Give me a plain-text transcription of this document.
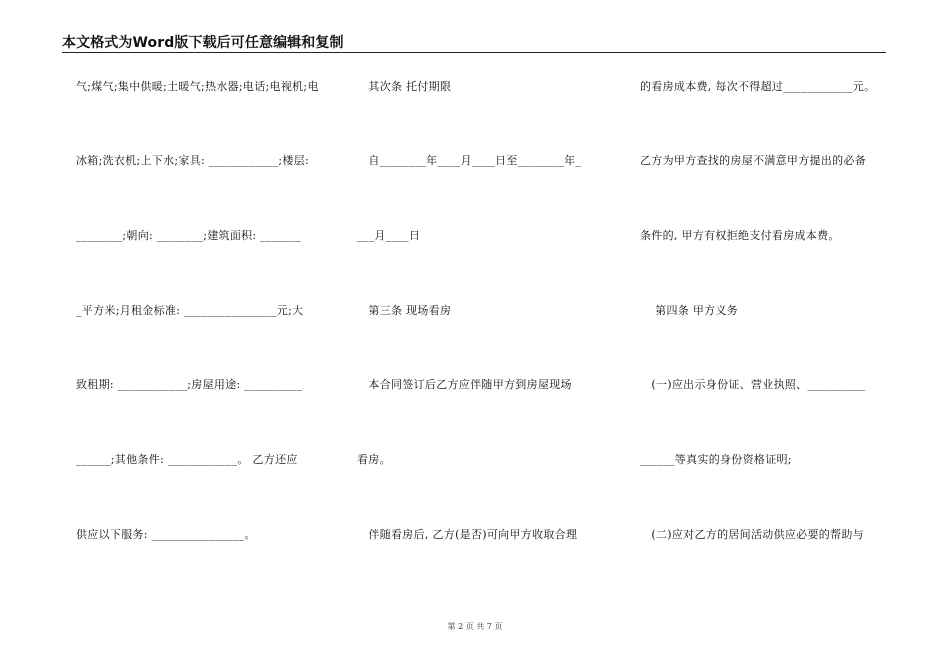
本文格式为Word版下载后可任意编辑和复制
气;煤气;集中供暖;土暖气;热水器;电话;电视机;电
冰箱;洗衣机;上下水;家具: ____________;楼层:
________;朝向: ________;建筑面积: _______
_平方米;月租金标准: ________________元;大
致租期: ____________;房屋用途: __________
______;其他条件: ____________。 乙方还应
供应以下服务: ________________。
其次条 托付期限
自________年____月____日至________年_
___月____日
第三条 现场看房
本合同签订后乙方应伴随甲方到房屋现场
看房。
伴随看房后, 乙方(是否)可向甲方收取合理
的看房成本费, 每次不得超过____________元。
乙方为甲方查找的房屋不满意甲方提出的必备
条件的, 甲方有权拒绝支付看房成本费。
第四条 甲方义务
(一)应出示身份证、营业执照、__________
______等真实的身份资格证明;
(二)应对乙方的居间活动供应必要的帮助与
第 2 页 共 7 页
